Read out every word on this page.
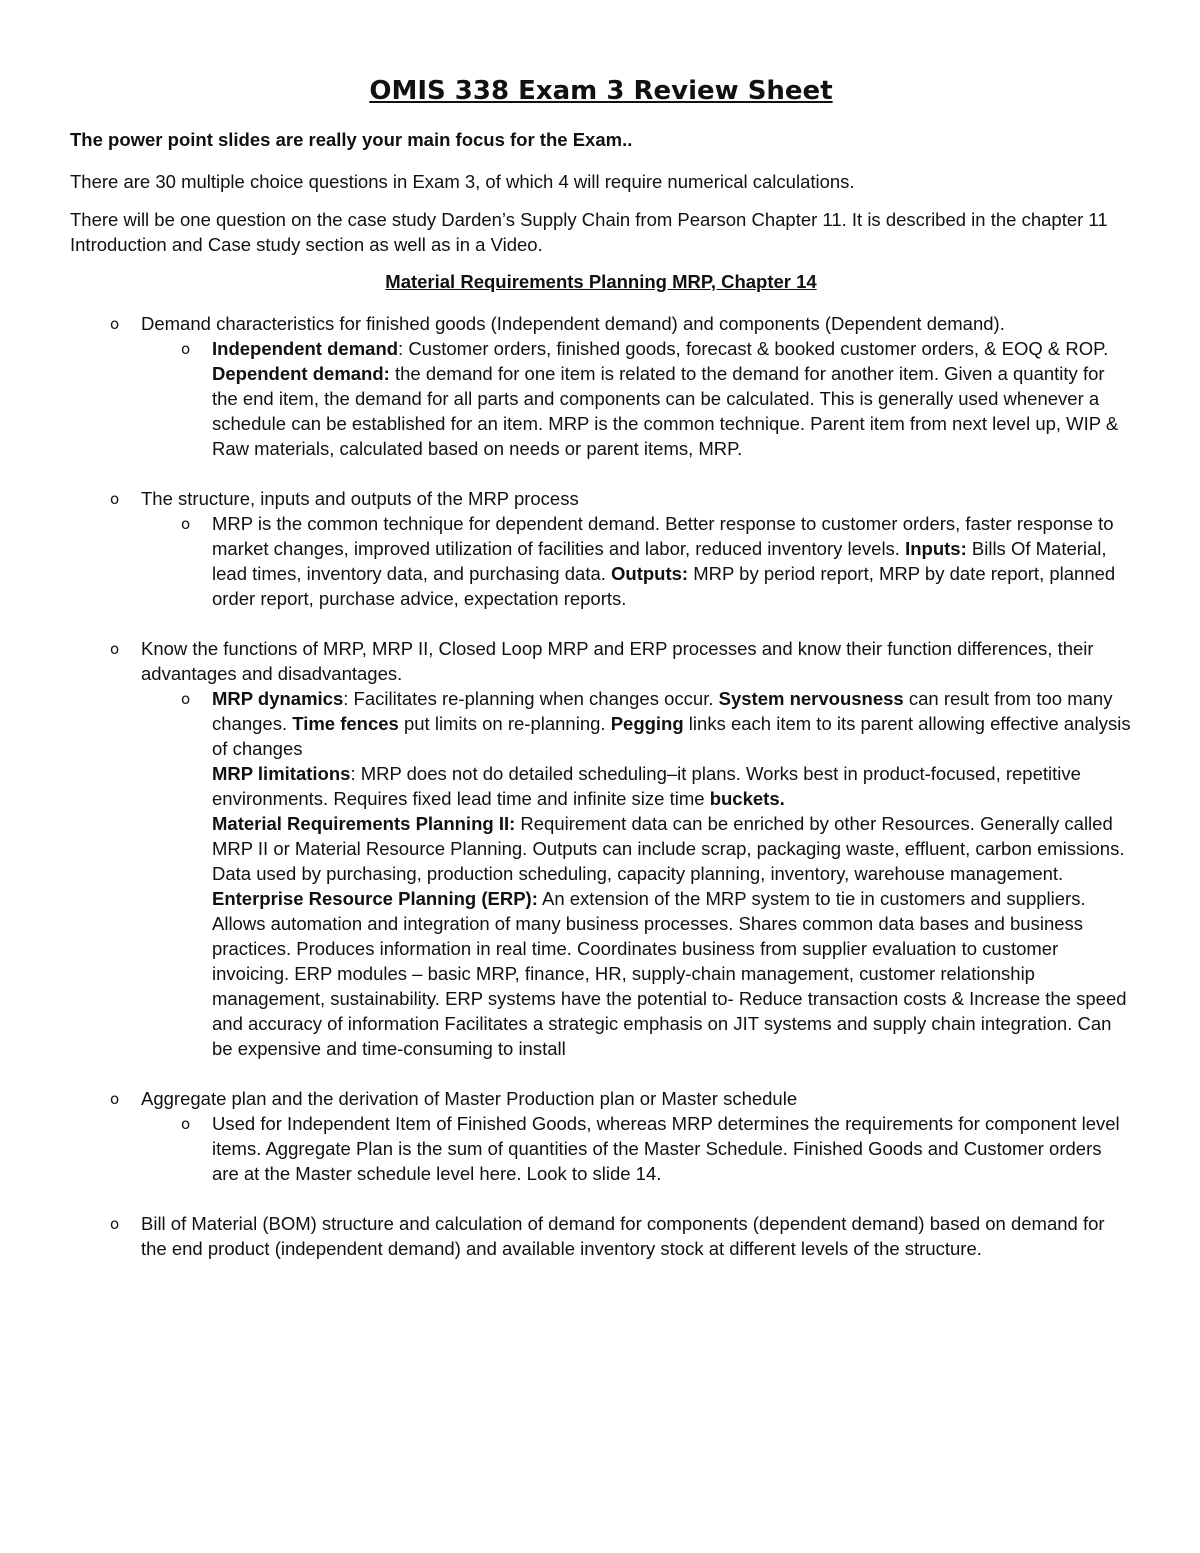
OMIS 338 Exam 3 Review Sheet
The power point slides are really your main focus for the Exam..
There are 30 multiple choice questions in Exam 3, of which 4 will require numerical calculations.
There will be one question on the case study Darden’s Supply Chain from Pearson Chapter 11. It is described in the chapter 11 Introduction and Case study section as well as in a Video.
Material Requirements Planning MRP, Chapter 14
o Demand characteristics for finished goods (Independent demand) and components (Dependent demand).
o Independent demand: Customer orders, finished goods, forecast & booked customer orders, & EOQ & ROP. Dependent demand: the demand for one item is related to the demand for another item. Given a quantity for the end item, the demand for all parts and components can be calculated. This is generally used whenever a schedule can be established for an item. MRP is the common technique. Parent item from next level up, WIP & Raw materials, calculated based on needs or parent items, MRP.
o The structure, inputs and outputs of the MRP process
o MRP is the common technique for dependent demand. Better response to customer orders, faster response to market changes, improved utilization of facilities and labor, reduced inventory levels. Inputs: Bills Of Material, lead times, inventory data, and purchasing data. Outputs: MRP by period report, MRP by date report, planned order report, purchase advice, expectation reports.
o Know the functions of MRP, MRP II, Closed Loop MRP and ERP processes and know their function differences, their advantages and disadvantages.
o MRP dynamics: Facilitates re-planning when changes occur. System nervousness can result from too many changes. Time fences put limits on re-planning. Pegging links each item to its parent allowing effective analysis of changes
MRP limitations: MRP does not do detailed scheduling–it plans. Works best in product-focused, repetitive environments. Requires fixed lead time and infinite size time buckets.
Material Requirements Planning II: Requirement data can be enriched by other Resources. Generally called MRP II or Material Resource Planning. Outputs can include scrap, packaging waste, effluent, carbon emissions. Data used by purchasing, production scheduling, capacity planning, inventory, warehouse management.
Enterprise Resource Planning (ERP): An extension of the MRP system to tie in customers and suppliers. Allows automation and integration of many business processes. Shares common data bases and business practices. Produces information in real time. Coordinates business from supplier evaluation to customer invoicing. ERP modules – basic MRP, finance, HR, supply-chain management, customer relationship management, sustainability. ERP systems have the potential to- Reduce transaction costs & Increase the speed and accuracy of information Facilitates a strategic emphasis on JIT systems and supply chain integration. Can be expensive and time-consuming to install
o Aggregate plan and the derivation of Master Production plan or Master schedule
o Used for Independent Item of Finished Goods, whereas MRP determines the requirements for component level items. Aggregate Plan is the sum of quantities of the Master Schedule. Finished Goods and Customer orders are at the Master schedule level here. Look to slide 14.
o Bill of Material (BOM) structure and calculation of demand for components (dependent demand) based on demand for the end product (independent demand) and available inventory stock at different levels of the structure.
